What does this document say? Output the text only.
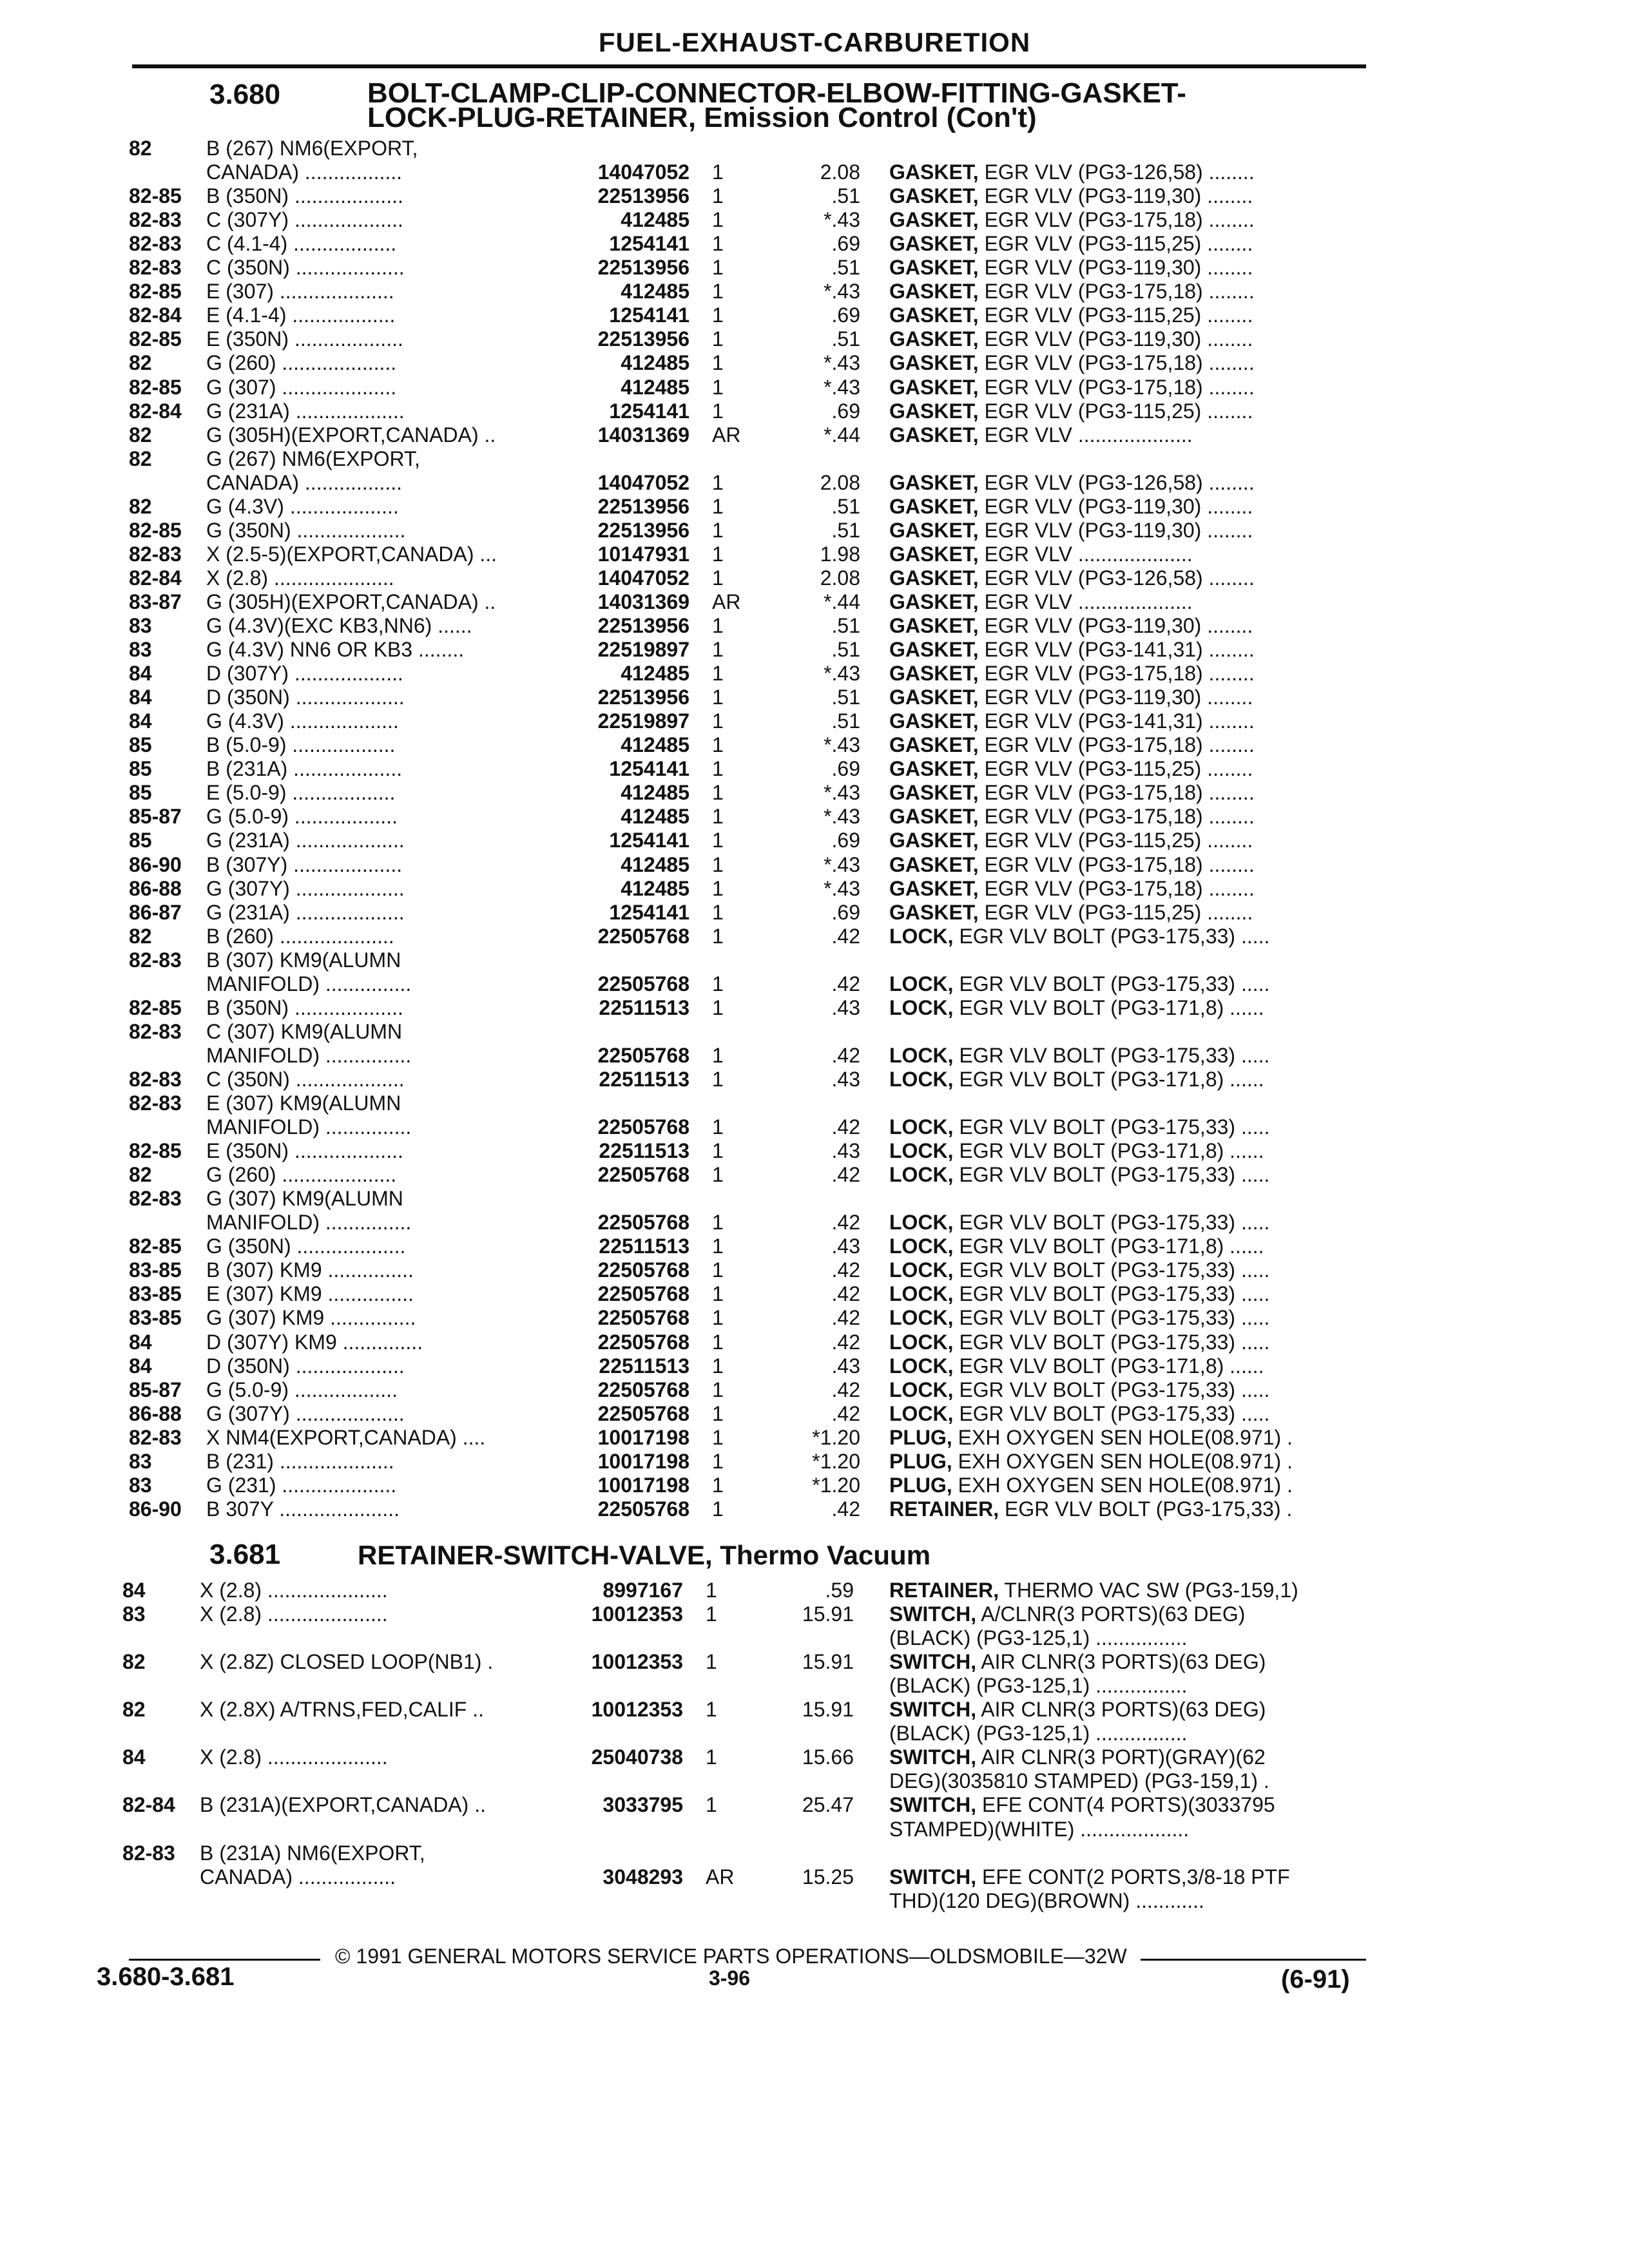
FUEL-EXHAUST-CARBURETION
3.680	BOLT-CLAMP-CLIP-CONNECTOR-ELBOW-FITTING-GASKET-
LOCK-PLUG-RETAINER, Emission Control (Con't)
82	B (267) NM6(EXPORT,
CANADA) .................	14047052 1	2.08 GASKET, EGR VLV (PG3-126,58) ........
82-85 B (350N) ...................	22513956 1	.51 GASKET, EGR VLV (PG3-119,30) ........
82-83 C (307Y) ...................	412485 1	*.43 GASKET, EGR VLV (PG3-175,18) ........
82-83 C (4.1-4) ..................	1254141 1	.69 GASKET, EGR VLV (PG3-115,25) ........
82-83 C (350N) ...................	22513956 1	.51 GASKET, EGR VLV (PG3-119,30) ........
82-85 E (307) ....................	412485 1	*.43 GASKET, EGR VLV (PG3-175,18) ........
82-84 E (4.1-4) ..................	1254141 1	.69 GASKET, EGR VLV (PG3-115,25) ........
82-85 E (350N) ...................	22513956 1	.51 GASKET, EGR VLV (PG3-119,30) ........
82	G (260) ....................	412485 1	*.43 GASKET, EGR VLV (PG3-175,18) ........
82-85 G (307) ....................	412485 1	*.43 GASKET, EGR VLV (PG3-175,18) ........
82-84 G (231A) ...................	1254141 1	.69 GASKET, EGR VLV (PG3-115,25) ........
82	G (305H)(EXPORT,CANADA) ..	14031369 AR	*.44 GASKET, EGR VLV ....................
82	G (267) NM6(EXPORT,
CANADA) .................	14047052 1	2.08 GASKET, EGR VLV (PG3-126,58) ........
82	G (4.3V) ...................	22513956 1	.51 GASKET, EGR VLV (PG3-119,30) ........
82-85 G (350N) ...................	22513956 1	.51 GASKET, EGR VLV (PG3-119,30) ........
82-83 X (2.5-5)(EXPORT,CANADA) ...	10147931 1	1.98 GASKET, EGR VLV ....................
82-84 X (2.8) .....................	14047052 1	2.08 GASKET, EGR VLV (PG3-126,58) ........
83-87 G (305H)(EXPORT,CANADA) ..	14031369 AR	*.44 GASKET, EGR VLV ....................
83	G (4.3V)(EXC KB3,NN6) ......	22513956 1	.51 GASKET, EGR VLV (PG3-119,30) ........
83	G (4.3V) NN6 OR KB3 ........	22519897 1	.51 GASKET, EGR VLV (PG3-141,31) ........
84	D (307Y) ...................	412485 1	*.43 GASKET, EGR VLV (PG3-175,18) ........
84	D (350N) ...................	22513956 1	.51 GASKET, EGR VLV (PG3-119,30) ........
84	G (4.3V) ...................	22519897 1	.51 GASKET, EGR VLV (PG3-141,31) ........
85	B (5.0-9) ..................	412485 1	*.43 GASKET, EGR VLV (PG3-175,18) ........
85	B (231A) ...................	1254141 1	.69 GASKET, EGR VLV (PG3-115,25) ........
85	E (5.0-9) ..................	412485 1	*.43 GASKET, EGR VLV (PG3-175,18) ........
85-87 G (5.0-9) ..................	412485 1	*.43 GASKET, EGR VLV (PG3-175,18) ........
85	G (231A) ...................	1254141 1	.69 GASKET, EGR VLV (PG3-115,25) ........
86-90 B (307Y) ...................	412485 1	*.43 GASKET, EGR VLV (PG3-175,18) ........
86-88 G (307Y) ...................	412485 1	*.43 GASKET, EGR VLV (PG3-175,18) ........
86-87 G (231A) ...................	1254141 1	.69 GASKET, EGR VLV (PG3-115,25) ........
82	B (260) ....................	22505768 1	.42 LOCK, EGR VLV BOLT (PG3-175,33) .....
82-83 B (307) KM9(ALUMN
MANIFOLD) ...............	22505768 1	.42 LOCK, EGR VLV BOLT (PG3-175,33) .....
82-85 B (350N) ...................	22511513 1	.43 LOCK, EGR VLV BOLT (PG3-171,8) ......
82-83 C (307) KM9(ALUMN
MANIFOLD) ...............	22505768 1	.42 LOCK, EGR VLV BOLT (PG3-175,33) .....
82-83 C (350N) ...................	22511513 1	.43 LOCK, EGR VLV BOLT (PG3-171,8) ......
82-83 E (307) KM9(ALUMN
MANIFOLD) ...............	22505768 1	.42 LOCK, EGR VLV BOLT (PG3-175,33) .....
82-85 E (350N) ...................	22511513 1	.43 LOCK, EGR VLV BOLT (PG3-171,8) ......
82	G (260) ....................	22505768 1	.42 LOCK, EGR VLV BOLT (PG3-175,33) .....
82-83 G (307) KM9(ALUMN
MANIFOLD) ...............	22505768 1	.42 LOCK, EGR VLV BOLT (PG3-175,33) .....
82-85 G (350N) ...................	22511513 1	.43 LOCK, EGR VLV BOLT (PG3-171,8) ......
83-85 B (307) KM9 ...............	22505768 1	.42 LOCK, EGR VLV BOLT (PG3-175,33) .....
83-85 E (307) KM9 ...............	22505768 1	.42 LOCK, EGR VLV BOLT (PG3-175,33) .....
83-85 G (307) KM9 ...............	22505768 1	.42 LOCK, EGR VLV BOLT (PG3-175,33) .....
84	D (307Y) KM9 ..............	22505768 1	.42 LOCK, EGR VLV BOLT (PG3-175,33) .....
84	D (350N) ...................	22511513 1	.43 LOCK, EGR VLV BOLT (PG3-171,8) ......
85-87 G (5.0-9) ..................	22505768 1	.42 LOCK, EGR VLV BOLT (PG3-175,33) .....
86-88 G (307Y) ...................	22505768 1	.42 LOCK, EGR VLV BOLT (PG3-175,33) .....
82-83 X NM4(EXPORT,CANADA) ....	10017198 1	*1.20 PLUG, EXH OXYGEN SEN HOLE(08.971) .
83	B (231) ....................	10017198 1	*1.20 PLUG, EXH OXYGEN SEN HOLE(08.971) .
83	G (231) ....................	10017198 1	*1.20 PLUG, EXH OXYGEN SEN HOLE(08.971) .
86-90 B 307Y .....................	22505768 1	.42 RETAINER, EGR VLV BOLT (PG3-175,33) .
3.681	RETAINER-SWITCH-VALVE, Thermo Vacuum
84	X (2.8) .....................	8997167 1	.59 RETAINER, THERMO VAC SW (PG3-159,1)
83	X (2.8) .....................	10012353 1	15.91 SWITCH, A/CLNR(3 PORTS)(63 DEG)
(BLACK) (PG3-125,1) ................
82	X (2.8Z) CLOSED LOOP(NB1) .	10012353 1	15.91 SWITCH, AIR CLNR(3 PORTS)(63 DEG)
(BLACK) (PG3-125,1) ................
82	X (2.8X) A/TRNS,FED,CALIF ..	10012353 1	15.91 SWITCH, AIR CLNR(3 PORTS)(63 DEG)
(BLACK) (PG3-125,1) ................
84	X (2.8) .....................	25040738 1	15.66 SWITCH, AIR CLNR(3 PORT)(GRAY)(62
DEG)(3035810 STAMPED) (PG3-159,1) .
82-84 B (231A)(EXPORT,CANADA) ..	3033795 1	25.47 SWITCH, EFE CONT(4 PORTS)(3033795
STAMPED)(WHITE) ...................
82-83 B (231A) NM6(EXPORT,
CANADA) .................	3048293 AR	15.25 SWITCH, EFE CONT(2 PORTS,3/8-18 PTF
THD)(120 DEG)(BROWN) ............
© 1991 GENERAL MOTORS SERVICE PARTS OPERATIONS—OLDSMOBILE—32W
3.680-3.681	3-96	(6-91)
